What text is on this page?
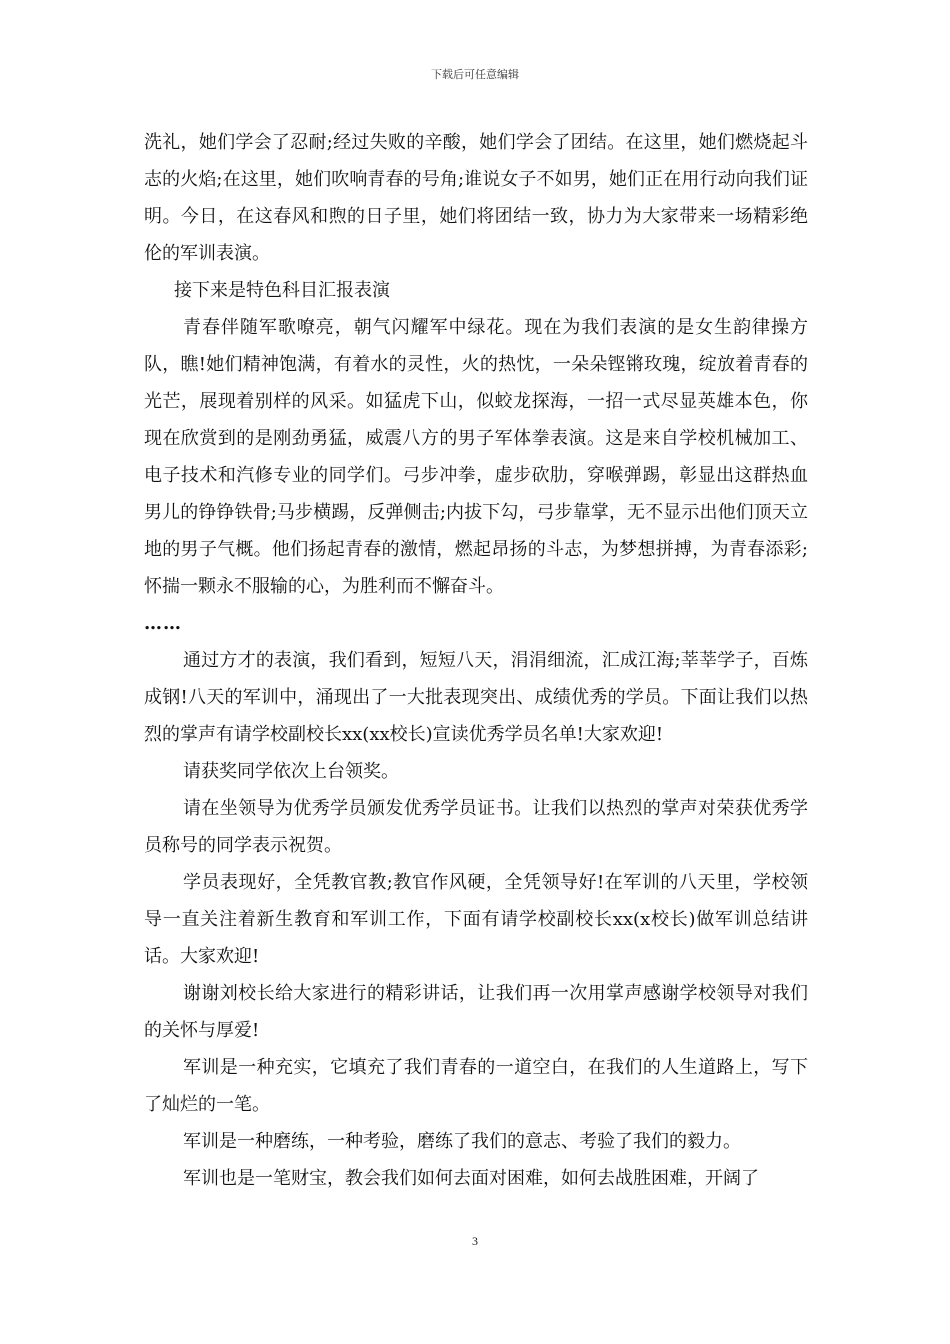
下载后可任意编辑

洗礼，她们学会了忍耐;经过失败的辛酸，她们学会了团结。在这里，她们燃烧起斗志的火焰;在这里，她们吹响青春的号角;谁说女子不如男，她们正在用行动向我们证明。今日，在这春风和煦的日子里，她们将团结一致，协力为大家带来一场精彩绝伦的军训表演。

接下来是特色科目汇报表演

青春伴随军歌嘹亮，朝气闪耀军中绿花。现在为我们表演的是女生韵律操方队，瞧!她们精神饱满，有着水的灵性，火的热忱，一朵朵铿锵玫瑰，绽放着青春的光芒，展现着别样的风采。如猛虎下山，似蛟龙探海，一招一式尽显英雄本色，你现在欣赏到的是刚劲勇猛，威震八方的男子军体拳表演。这是来自学校机械加工、电子技术和汽修专业的同学们。弓步冲拳，虚步砍肋，穿喉弹踢，彰显出这群热血男儿的铮铮铁骨;马步横踢，反弹侧击;内拔下勾，弓步靠掌，无不显示出他们顶天立地的男子气概。他们扬起青春的激情，燃起昂扬的斗志，为梦想拼搏，为青春添彩;怀揣一颗永不服输的心，为胜利而不懈奋斗。

……

通过方才的表演，我们看到，短短八天，涓涓细流，汇成江海;莘莘学子，百炼成钢!八天的军训中，涌现出了一大批表现突出、成绩优秀的学员。下面让我们以热烈的掌声有请学校副校长xx(xx校长)宣读优秀学员名单!大家欢迎!

请获奖同学依次上台领奖。

请在坐领导为优秀学员颁发优秀学员证书。让我们以热烈的掌声对荣获优秀学员称号的同学表示祝贺。

学员表现好，全凭教官教;教官作风硬，全凭领导好!在军训的八天里，学校领导一直关注着新生教育和军训工作，下面有请学校副校长xx(x校长)做军训总结讲话。大家欢迎!

谢谢刘校长给大家进行的精彩讲话，让我们再一次用掌声感谢学校领导对我们的关怀与厚爱!

军训是一种充实，它填充了我们青春的一道空白，在我们的人生道路上，写下了灿烂的一笔。

军训是一种磨练，一种考验，磨练了我们的意志、考验了我们的毅力。

军训也是一笔财宝，教会我们如何去面对困难，如何去战胜困难，开阔了

3
